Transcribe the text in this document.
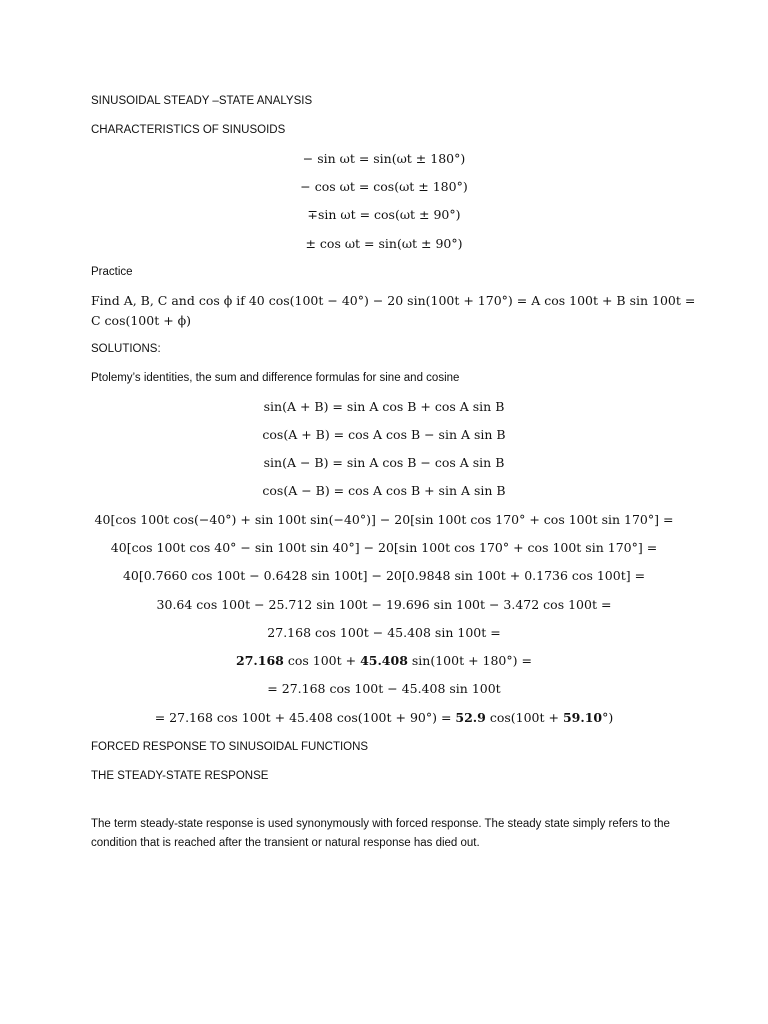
SINUSOIDAL STEADY –STATE ANALYSIS
CHARACTERISTICS OF SINUSOIDS
− sin ωt = sin(ωt ± 180°)
− cos ωt = cos(ωt ± 180°)
∓sin ωt = cos(ωt ± 90°)
± cos ωt = sin(ωt ± 90°)
Practice
Find A, B, C and cos ϕ if 40 cos(100t − 40°) − 20 sin(100t + 170°) = A cos 100t + B sin 100t =
C cos(100t + ϕ)
SOLUTIONS:
Ptolemy’s identities, the sum and difference formulas for sine and cosine
sin(A + B) = sin A cos B + cos A sin B
cos(A + B) = cos A cos B − sin A sin B
sin(A − B) = sin A cos B − cos A sin B
cos(A − B) = cos A cos B + sin A sin B
40[cos 100t cos(−40°) + sin 100t sin(−40°)] − 20[sin 100t cos 170° + cos 100t sin 170°] =
40[cos 100t cos 40° − sin 100t sin 40°] − 20[sin 100t cos 170° + cos 100t sin 170°] =
40[0.7660 cos 100t − 0.6428 sin 100t] − 20[0.9848 sin 100t + 0.1736 cos 100t] =
30.64 cos 100t − 25.712 sin 100t − 19.696 sin 100t − 3.472 cos 100t =
27.168 cos 100t − 45.408 sin 100t =
27.168 cos 100t + 45.408 sin(100t + 180°) =
= 27.168 cos 100t − 45.408 sin 100t
= 27.168 cos 100t + 45.408 cos(100t + 90°) = 52.9 cos(100t + 59.10°)
FORCED RESPONSE TO SINUSOIDAL FUNCTIONS
THE STEADY-STATE RESPONSE
The term steady-state response is used synonymously with forced response. The steady state simply refers to the condition that is reached after the transient or natural response has died out.
